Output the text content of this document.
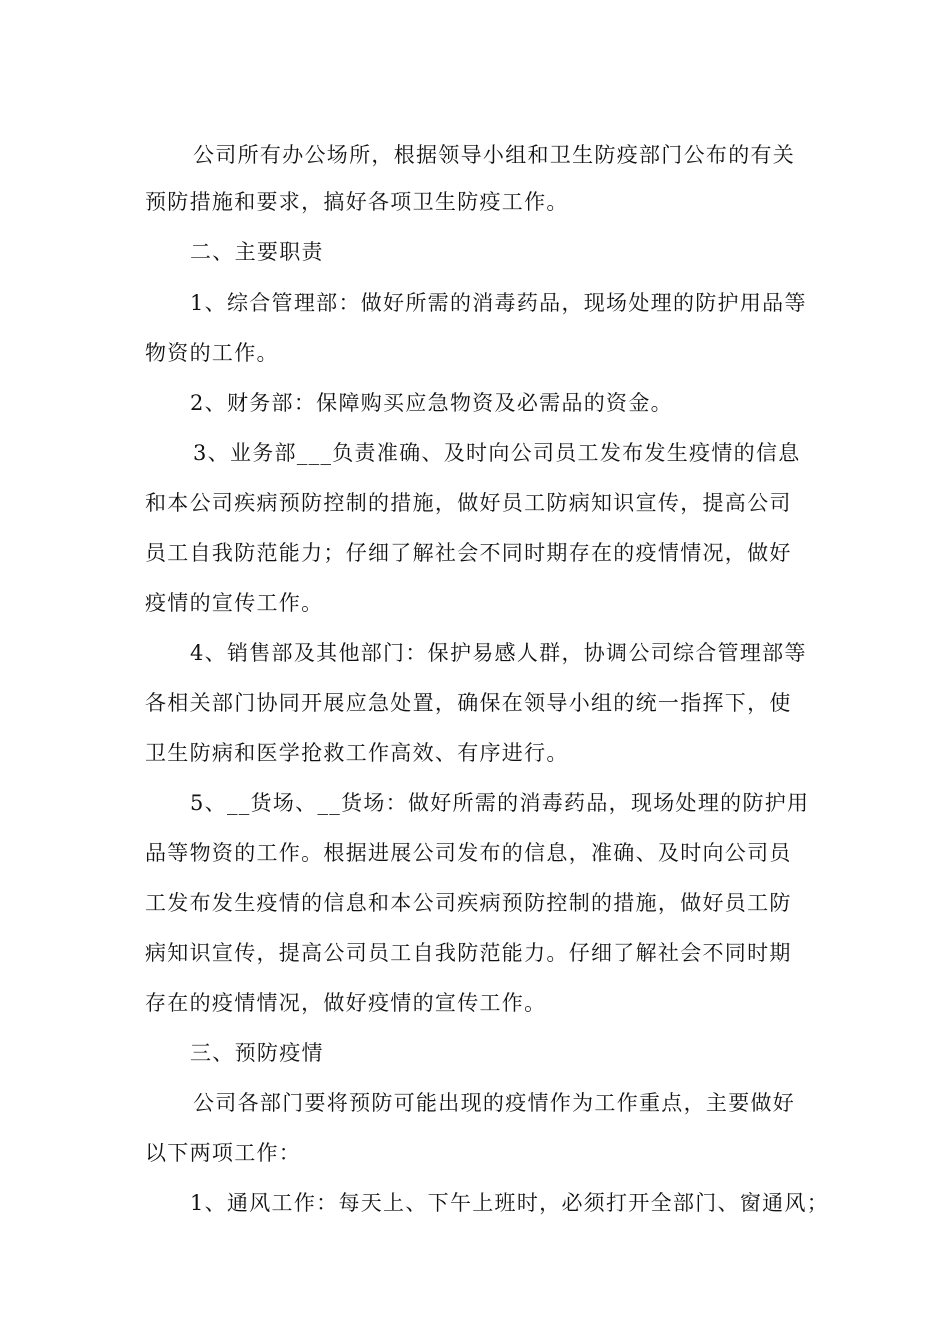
公司所有办公场所，根据领导小组和卫生防疫部门公布的有关
预防措施和要求，搞好各项卫生防疫工作。
二、主要职责
1、综合管理部：做好所需的消毒药品，现场处理的防护用品等
物资的工作。
2、财务部：保障购买应急物资及必需品的资金。
3、业务部___负责准确、及时向公司员工发布发生疫情的信息
和本公司疾病预防控制的措施，做好员工防病知识宣传，提高公司
员工自我防范能力；仔细了解社会不同时期存在的疫情情况，做好
疫情的宣传工作。
4、销售部及其他部门：保护易感人群，协调公司综合管理部等
各相关部门协同开展应急处置，确保在领导小组的统一指挥下，使
卫生防病和医学抢救工作高效、有序进行。
5、__货场、__货场：做好所需的消毒药品，现场处理的防护用
品等物资的工作。根据进展公司发布的信息，准确、及时向公司员
工发布发生疫情的信息和本公司疾病预防控制的措施，做好员工防
病知识宣传，提高公司员工自我防范能力。仔细了解社会不同时期
存在的疫情情况，做好疫情的宣传工作。
三、预防疫情
公司各部门要将预防可能出现的疫情作为工作重点，主要做好
以下两项工作：
1、通风工作：每天上、下午上班时，必须打开全部门、窗通风；
